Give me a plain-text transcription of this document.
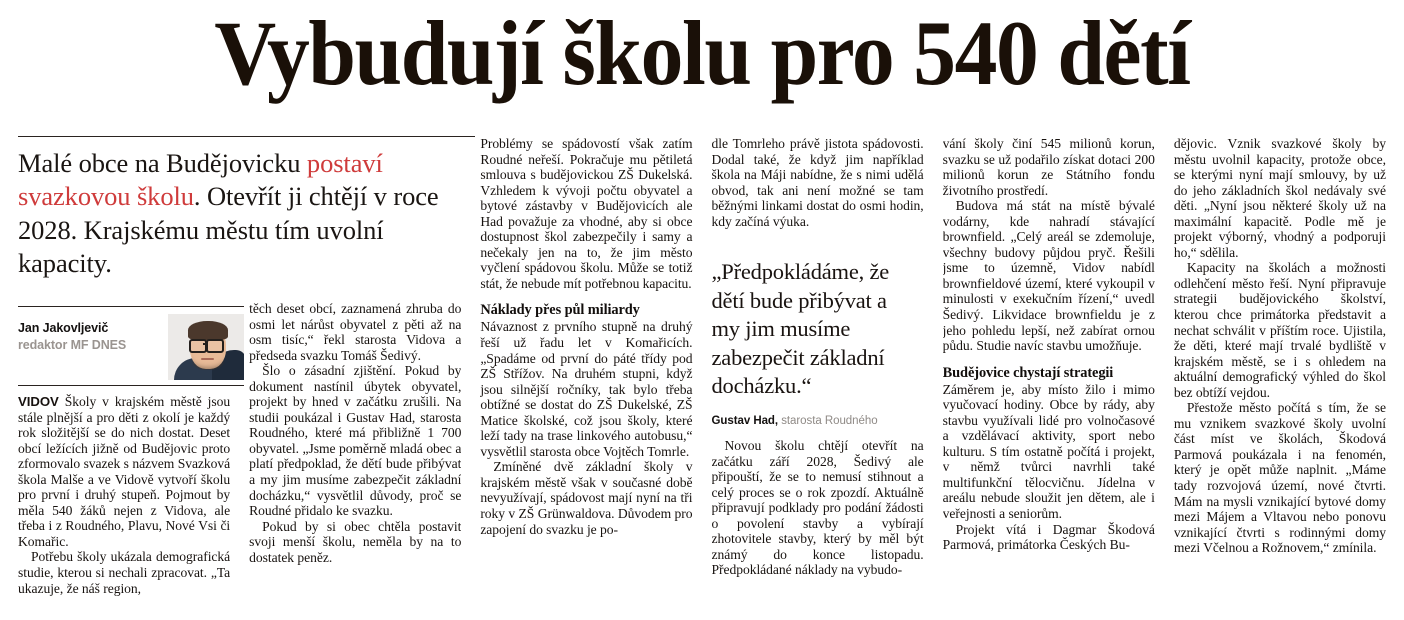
Vybudují školu pro 540 dětí

Malé obce na Budějovicku postaví svazkovou školu. Otevřít ji chtějí v roce 2028. Krajskému městu tím uvolní kapacity.

Jan Jakovljevič
redaktor MF DNES

VIDOV Školy v krajském městě jsou stále plnější a pro děti z okolí je každý rok složitější se do nich dostat. Deset obcí ležících jižně od Budějovic proto zformovalo svazek s názvem Svazková škola Malše a ve Vidově vytvoří školu pro první i druhý stupeň. Pojmout by měla 540 žáků nejen z Vidova, ale třeba i z Roudného, Plavu, Nové Vsi či Komařic.

Potřebu školy ukázala demografická studie, kterou si nechali zpracovat. „Ta ukazuje, že náš region,

těch deset obcí, zaznamená zhruba do osmi let nárůst obyvatel z pěti až na osm tisíc,“ řekl starosta Vidova a předseda svazku Tomáš Šedivý.

Šlo o zásadní zjištění. Pokud by dokument nastínil úbytek obyvatel, projekt by hned v začátku zrušili. Na studii poukázal i Gustav Had, starosta Roudného, které má přibližně 1 700 obyvatel. „Jsme poměrně mladá obec a platí předpoklad, že dětí bude přibývat a my jim musíme zabezpečit základní docházku,“ vysvětlil důvody, proč se Roudné přidalo ke svazku.

Pokud by si obec chtěla postavit svoji menší školu, neměla by na to dostatek peněz.

Problémy se spádovostí však zatím Roudné neřeší. Pokračuje mu pětiletá smlouva s budějovickou ZŠ Dukelská. Vzhledem k vývoji počtu obyvatel a bytové zástavby v Budějovicích ale Had považuje za vhodné, aby si obce dostupnost škol zabezpečily i samy a nečekaly jen na to, že jim město vyčlení spádovou školu. Může se totiž stát, že nebude mít potřebnou kapacitu.

Náklady přes půl miliardy

Návaznost z prvního stupně na druhý řeší už řadu let v Komařicích. „Spadáme od první do páté třídy pod ZŠ Střížov. Na druhém stupni, když jsou silnější ročníky, tak bylo třeba obtížné se dostat do ZŠ Dukelské, ZŠ Matice školské, což jsou školy, které leží tady na trase linkového autobusu,“ vysvětlil starosta obce Vojtěch Tomrle.

Zmíněné dvě základní školy v krajském městě však v současné době nevyužívají, spádovost mají nyní na tři roky v ZŠ Grünwaldova. Důvodem pro zapojení do svazku je po-

dle Tomrleho právě jistota spádovosti. Dodal také, že když jim například škola na Máji nabídne, že s nimi udělá obvod, tak ani není možné se tam běžnými linkami dostat do osmi hodin, kdy začíná výuka.

„Předpokládáme, že dětí bude přibývat a my jim musíme zabezpečit základní docházku.“

Gustav Had, starosta Roudného

Novou školu chtějí otevřít na začátku září 2028, Šedivý ale připouští, že se to nemusí stihnout a celý proces se o rok zpozdí. Aktuálně připravují podklady pro podání žádosti o povolení stavby a vybírají zhotovitele stavby, který by měl být známý do konce listopadu. Předpokládané náklady na vybudo-

vání školy činí 545 milionů korun, svazku se už podařilo získat dotaci 200 milionů korun ze Státního fondu životního prostředí.

Budova má stát na místě bývalé vodárny, kde nahradí stávající brownfield. „Celý areál se zdemoluje, všechny budovy půjdou pryč. Řešili jsme to územně, Vidov nabídl brownfieldové území, které vykoupil v minulosti v exekučním řízení,“ uvedl Šedivý. Likvidace brownfieldu je z jeho pohledu lepší, než zabírat ornou půdu. Studie navíc stavbu umožňuje.

Budějovice chystají strategii

Záměrem je, aby místo žilo i mimo vyučovací hodiny. Obce by rády, aby stavbu využívali lidé pro volnočasové a vzdělávací aktivity, sport nebo kulturu. S tím ostatně počítá i projekt, v němž tvůrci navrhli také multifunkční tělocvičnu. Jídelna v areálu nebude sloužit jen dětem, ale i veřejnosti a seniorům.

Projekt vítá i Dagmar Škodová Parmová, primátorka Českých Bu-

dějovic. Vznik svazkové školy by městu uvolnil kapacity, protože obce, se kterými nyní mají smlouvy, by už do jeho základních škol nedávaly své děti. „Nyní jsou některé školy už na maximální kapacitě. Podle mě je projekt výborný, vhodný a podporuji ho,“ sdělila.

Kapacity na školách a možnosti odlehčení město řeší. Nyní připravuje strategii budějovického školství, kterou chce primátorka představit a nechat schválit v příštím roce. Ujistila, že děti, které mají trvalé bydliště v krajském městě, se i s ohledem na aktuální demografický výhled do škol bez obtíží vejdou.

Přestože město počítá s tím, že se mu vznikem svazkové školy uvolní část míst ve školách, Škodová Parmová poukázala i na fenomén, který je opět může naplnit. „Máme tady rozvojová území, nové čtvrti. Mám na mysli vznikající bytové domy mezi Májem a Vltavou nebo ponovu vznikající čtvrti s rodinnými domy mezi Včelnou a Rožnovem,“ zmínila.
